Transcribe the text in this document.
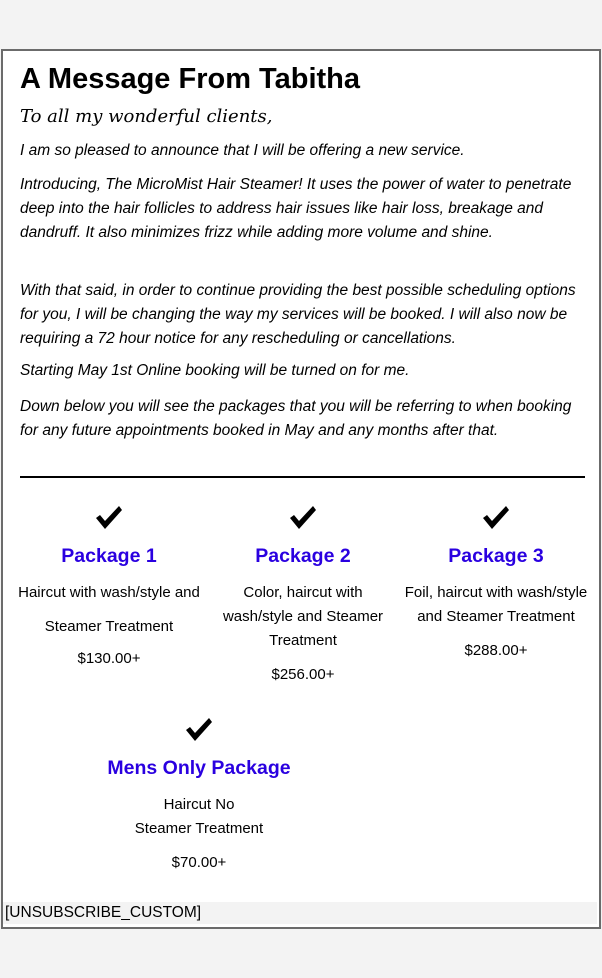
A Message From Tabitha
To all my wonderful clients,

I am so pleased to announce that I will be offering a new service.

Introducing, The MicroMist Hair Steamer! It uses the power of water to penetrate deep into the hair follicles to address hair issues like hair loss, breakage and dandruff. It also minimizes frizz while adding more volume and shine.

With that said, in order to continue providing the best possible scheduling options for you, I will be changing the way my services will be booked. I will also now be requiring a 72 hour notice for any rescheduling or cancellations.

Starting May 1st Online booking will be turned on for me.

Down below you will see the packages that you will be referring to when booking for any future appointments booked in May and any months after that.

Package 1
Haircut with wash/style and Steamer Treatment
$130.00+
Package 2
Color, haircut with wash/style and Steamer Treatment
$256.00+
Package 3
Foil, haircut with wash/style and Steamer Treatment
$288.00+
Mens Only Package
Haircut No Steamer Treatment
$70.00+
[UNSUBSCRIBE_CUSTOM]
